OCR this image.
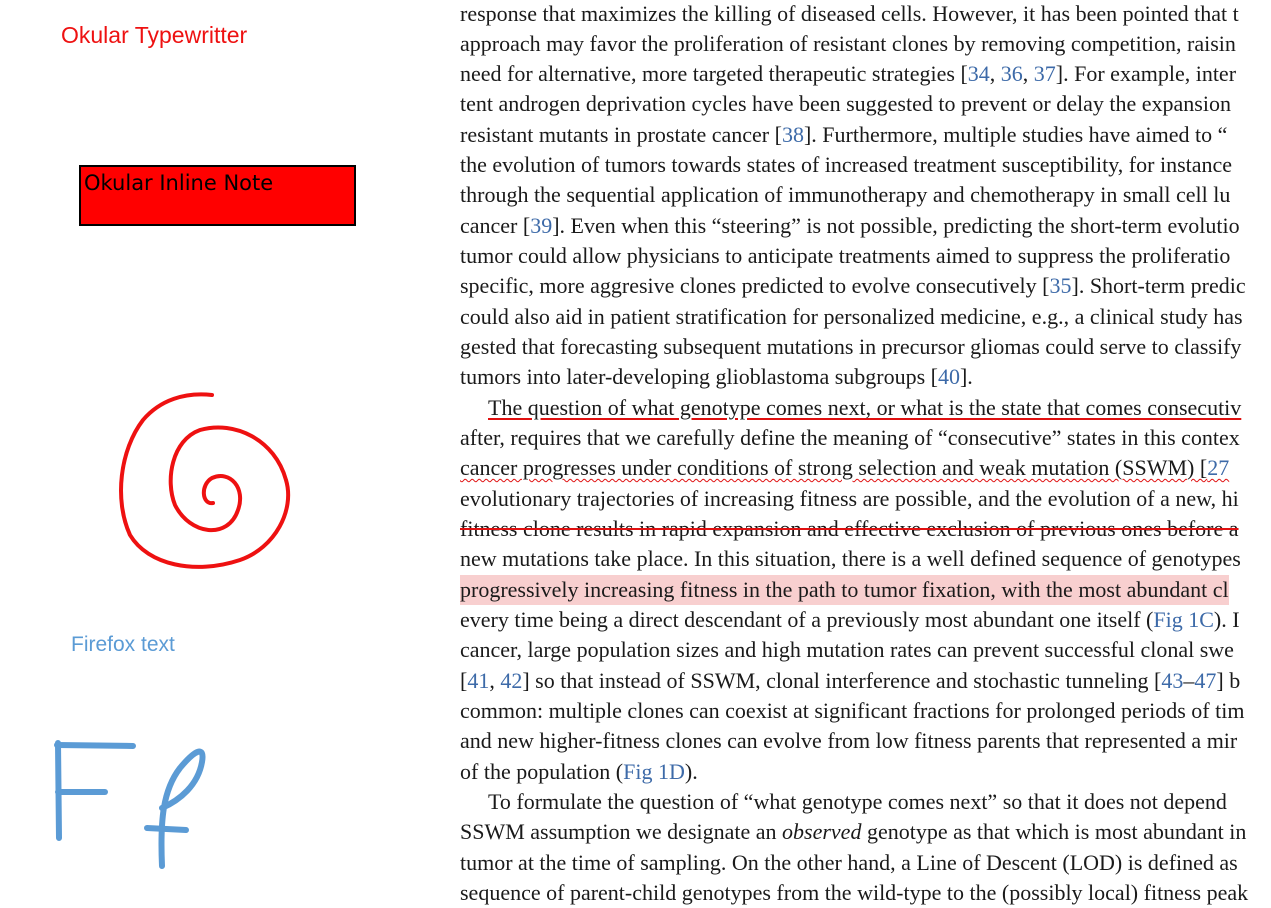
Okular Typewritter
Okular Inline Note
Firefox text
response that maximizes the killing of diseased cells. However, it has been pointed that t
approach may favor the proliferation of resistant clones by removing competition, raisin
need for alternative, more targeted therapeutic strategies [34, 36, 37]. For example, inter
tent androgen deprivation cycles have been suggested to prevent or delay the expansion
resistant mutants in prostate cancer [38]. Furthermore, multiple studies have aimed to “
the evolution of tumors towards states of increased treatment susceptibility, for instance
through the sequential application of immunotherapy and chemotherapy in small cell lu
cancer [39]. Even when this “steering” is not possible, predicting the short-term evolutio
tumor could allow physicians to anticipate treatments aimed to suppress the proliferatio
specific, more aggresive clones predicted to evolve consecutively [35]. Short-term predic
could also aid in patient stratification for personalized medicine, e.g., a clinical study has
gested that forecasting subsequent mutations in precursor gliomas could serve to classify
tumors into later-developing glioblastoma subgroups [40].
The question of what genotype comes next, or what is the state that comes consecutiv
after, requires that we carefully define the meaning of “consecutive” states in this contex
cancer progresses under conditions of strong selection and weak mutation (SSWM) [27
evolutionary trajectories of increasing fitness are possible, and the evolution of a new, hi
fitness clone results in rapid expansion and effective exclusion of previous ones before a
new mutations take place. In this situation, there is a well defined sequence of genotypes
progressively increasing fitness in the path to tumor fixation, with the most abundant cl
every time being a direct descendant of a previously most abundant one itself (Fig 1C). I
cancer, large population sizes and high mutation rates can prevent successful clonal swe
[41, 42] so that instead of SSWM, clonal interference and stochastic tunneling [43–47] b
common: multiple clones can coexist at significant fractions for prolonged periods of tim
and new higher-fitness clones can evolve from low fitness parents that represented a mir
of the population (Fig 1D).
To formulate the question of “what genotype comes next” so that it does not depend
SSWM assumption we designate an observed genotype as that which is most abundant in
tumor at the time of sampling. On the other hand, a Line of Descent (LOD) is defined as
sequence of parent-child genotypes from the wild-type to the (possibly local) fitness peak
